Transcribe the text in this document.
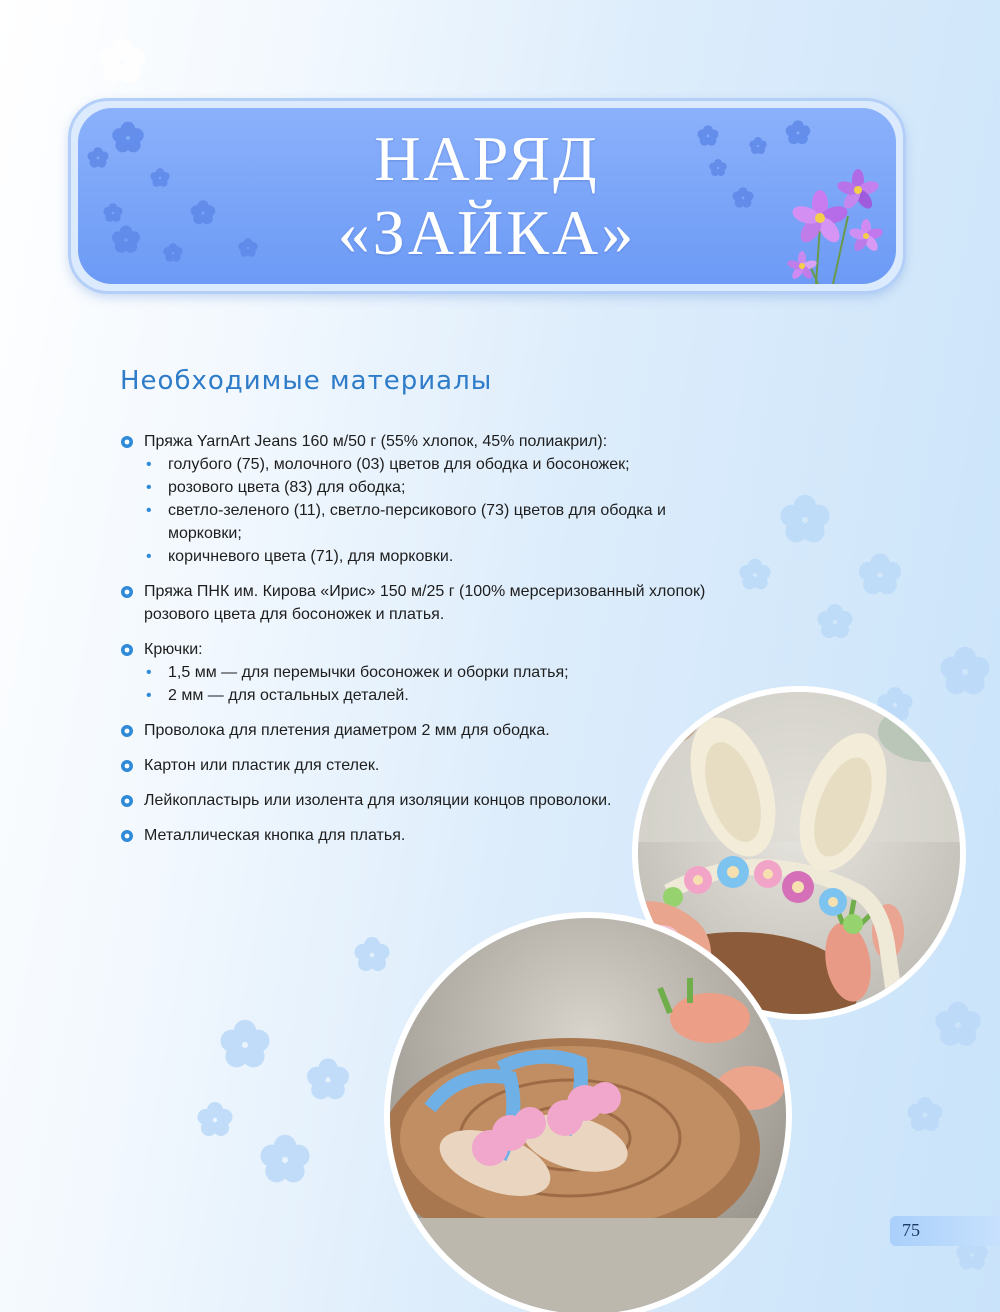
НАРЯД
«ЗАЙКА»
Необходимые материалы
Пряжа YarnArt Jeans 160 м/50 г (55% хлопок, 45% полиакрил):
• голубого (75), молочного (03) цветов для ободка и босоножек;
• розового цвета (83) для ободка;
• светло-зеленого (11), светло-персикового (73) цветов для ободка и морковки;
• коричневого цвета (71), для морковки.
Пряжа ПНК им. Кирова «Ирис» 150 м/25 г (100% мерсеризованный хлопок) розового цвета для босоножек и платья.
Крючки:
• 1,5 мм — для перемычки босоножек и оборки платья;
• 2 мм — для остальных деталей.
Проволока для плетения диаметром 2 мм для ободка.
Картон или пластик для стелек.
Лейкопластырь или изолента для изоляции концов проволоки.
Металлическая кнопка для платья.
75
